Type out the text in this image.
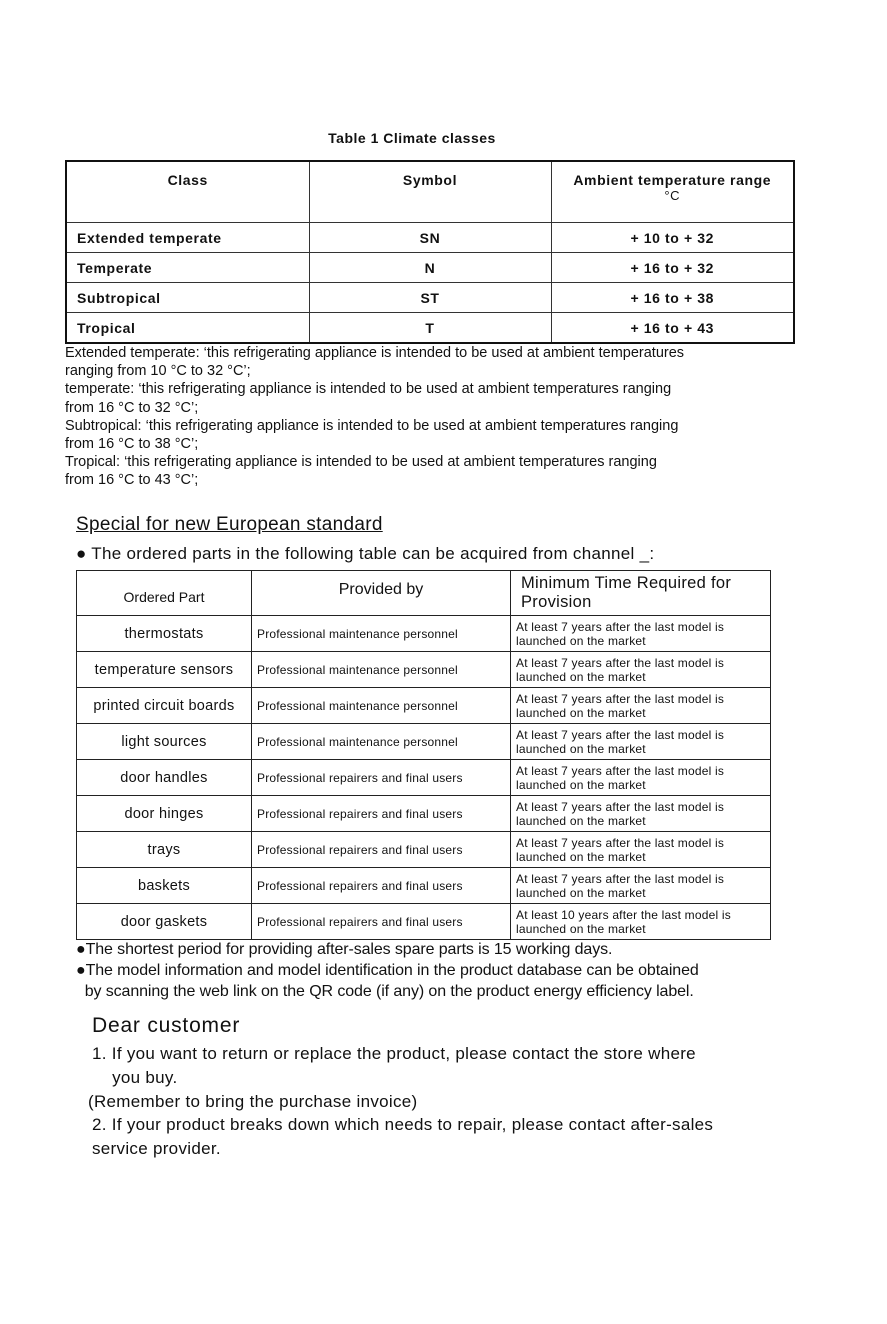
Table 1 Climate classes
Class	Symbol	Ambient temperature range
°C

Extended temperate	SN	+ 10 to + 32
Temperate	N	+ 16 to + 32
Subtropical	ST	+ 16 to + 38
Tropical	T	+ 16 to + 43

Extended temperate: ‘this refrigerating appliance is intended to be used at ambient temperatures

ranging from 10 °C to 32 °C’;

temperate: ‘this refrigerating appliance is intended to be used at ambient temperatures ranging

from 16 °C to 32 °C’;

Subtropical: ‘this refrigerating appliance is intended to be used at ambient temperatures ranging

from 16 °C to 38 °C’;

Tropical: ‘this refrigerating appliance is intended to be used at ambient temperatures ranging

from 16 °C to 43 °C’;

Special for new European standard
● The ordered parts in the following table can be acquired from channel _:
Ordered Part	Provided by	Minimum Time Required for Provision
thermostats	Professional maintenance personnel	At least 7 years after the last model is
launched on the market
temperature sensors	Professional maintenance personnel	At least 7 years after the last model is
launched on the market
printed circuit boards	Professional maintenance personnel	At least 7 years after the last model is
launched on the market
light sources	Professional maintenance personnel	At least 7 years after the last model is
launched on the market
door handles	Professional repairers and final users	At least 7 years after the last model is
launched on the market
door hinges	Professional repairers and final users	At least 7 years after the last model is
launched on the market
trays	Professional repairers and final users	At least 7 years after the last model is
launched on the market
baskets	Professional repairers and final users	At least 7 years after the last model is
launched on the market
door gaskets	Professional repairers and final users	At least 10 years after the last model is
launched on the market
●The shortest period for providing after-sales spare parts is 15 working days.
●The model information and model identification in the product database can be obtained
by scanning the web link on the QR code (if any) on the product energy efficiency label.
Dear customer
1. If you want to return or replace the product, please contact the store where
you buy.
(Remember to bring the purchase invoice)
2. If your product breaks down which needs to repair, please contact after-sales
service provider.
